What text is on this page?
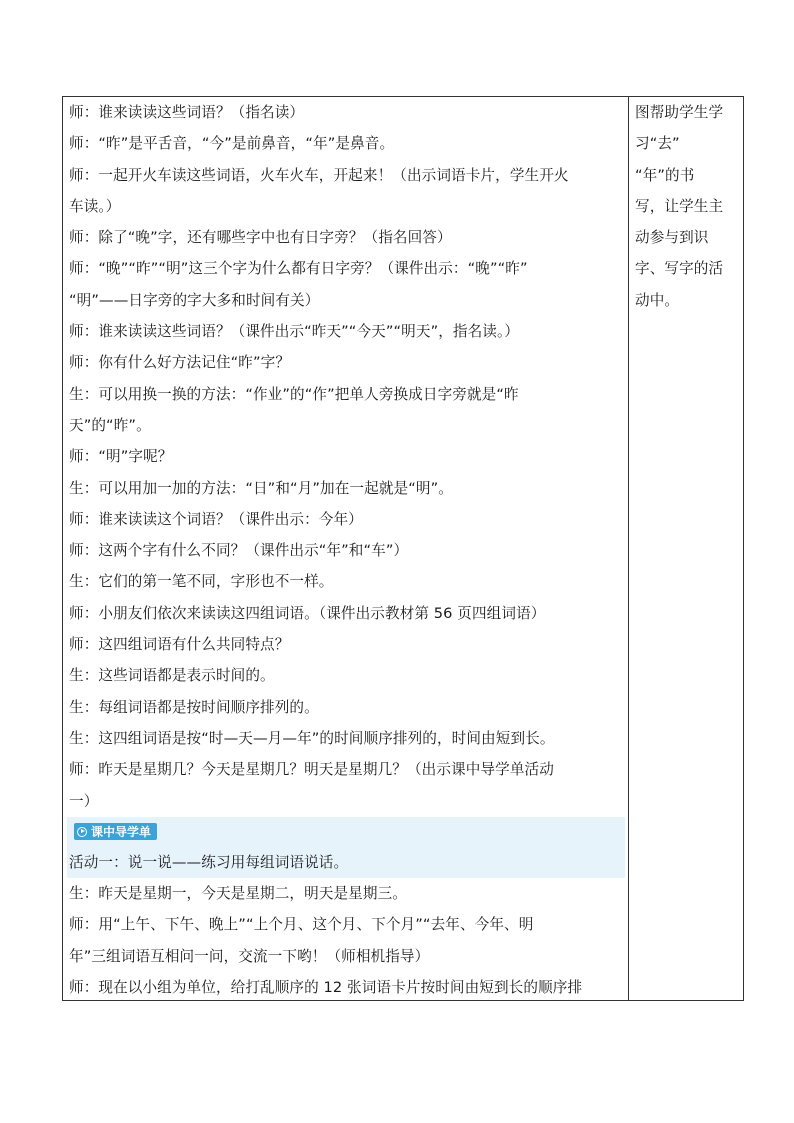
师：谁来读读这些词语？（指名读）
师：“昨”是平舌音，“今”是前鼻音，“年”是鼻音。
师：一起开火车读这些词语，火车火车，开起来！（出示词语卡片，学生开火
车读。）
师：除了“晚”字，还有哪些字中也有日字旁？（指名回答）
师：“晚”“昨”“明”这三个字为什么都有日字旁？（课件出示：“晚”“昨”
“明”——日字旁的字大多和时间有关）
师：谁来读读这些词语？（课件出示“昨天”“今天”“明天”，指名读。）
师：你有什么好方法记住“昨”字？
生：可以用换一换的方法：“作业”的“作”把单人旁换成日字旁就是“昨
天”的“昨”。
师：“明”字呢？
生：可以用加一加的方法：“日”和“月”加在一起就是“明”。
师：谁来读读这个词语？（课件出示：今年）
师：这两个字有什么不同？（课件出示“年”和“车”）
生：它们的第一笔不同，字形也不一样。
师：小朋友们依次来读读这四组词语。（课件出示教材第 56 页四组词语）
师：这四组词语有什么共同特点？
生：这些词语都是表示时间的。
生：每组词语都是按时间顺序排列的。
生：这四组词语是按“时—天—月—年”的时间顺序排列的，时间由短到长。
师：昨天是星期几？今天是星期几？明天是星期几？（出示课中导学单活动
一）
课中导学单
活动一：说一说——练习用每组词语说话。
生：昨天是星期一，今天是星期二，明天是星期三。
师：用“上午、下午、晚上”“上个月、这个月、下个月”“去年、今年、明
年”三组词语互相问一问，交流一下哟！（师相机指导）
师：现在以小组为单位，给打乱顺序的 12 张词语卡片按时间由短到长的顺序排
图帮助学生学
习“去”
“年”的书
写，让学生主
动参与到识
字、写字的活
动中。
